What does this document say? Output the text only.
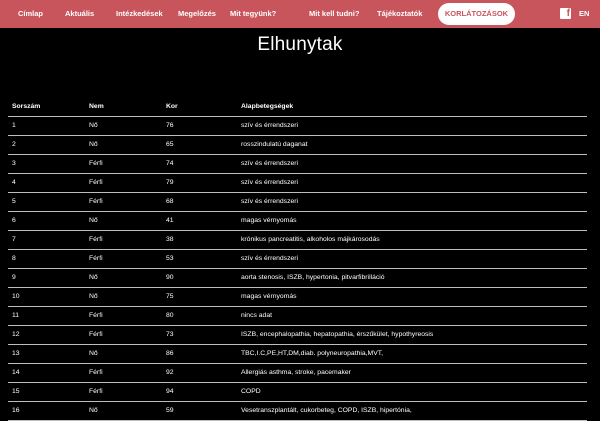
Címlap	Aktuális	Intézkedések Megelőzés Mit tegyünk?	Mit kell tudni? Tájékoztatók	KORLÁTOZÁSOK	f EN
Elhunytak
Sorszám	Nem	Kor	Alapbetegségek
1	Nő	76	szív és érrendszeri
2	Nő	65	rosszindulatú daganat
3	Férfi	74	szív és érrendszeri
4	Férfi	79	szív és érrendszeri
5	Férfi	68	szív és érrendszeri
6	Nő	41	magas vérnyomás
7	Férfi	38	krónikus pancreatitis, alkoholos májkárosodás
8	Férfi	53	szív és érrendszeri
9	Nő	90	aorta stenosis, ISZB, hypertonia, pitvarfibrilláció
10	Nő	75	magas vérnyomás
11	Férfi	80	nincs adat
12	Férfi	73	ISZB, encephalopathia, hepatopathia, érszűkület, hypothyreosis
13	Nő	86	TBC,I.C,PE,HT,DM,diab. polyneuropathia,MVT,
14	Férfi	92	Allergiás asthma, stroke, pacemaker
15	Férfi	94	COPD
16	Nő	59	Vesetranszplantált, cukorbeteg, COPD, ISZB, hipertónia,
